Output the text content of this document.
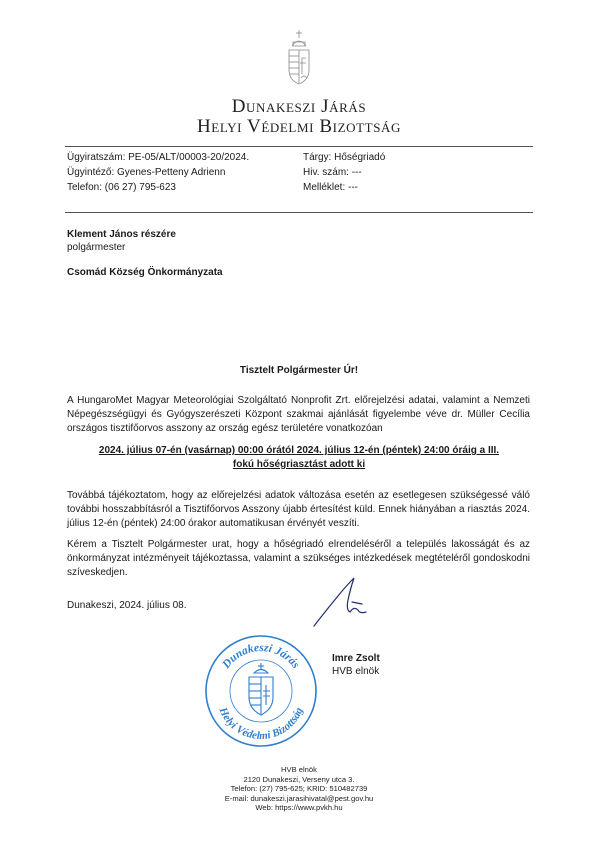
Dunakeszi Járás
Helyi Védelmi Bizottság
Ügyiratszám: PE-05/ALT/00003-20/2024.
Ügyintéző: Gyenes-Petteny Adrienn
Telefon: (06 27) 795-623
Tárgy: Hőségriadó
Hiv. szám: ---
Melléklet: ---
Klement János részére
polgármester
Csomád Község Önkormányzata
Tisztelt Polgármester Úr!
A HungaroMet Magyar Meteorológiai Szolgáltató Nonprofit Zrt. előrejelzési adatai, valamint a Nemzeti Népegészségügyi és Gyógyszerészeti Központ szakmai ajánlását figyelembe véve dr. Müller Cecília országos tisztifőorvos asszony az ország egész területére vonatkozóan
2024. július 07-én (vasárnap) 00:00 órától 2024. július 12-én (péntek) 24:00 óráig a III. fokú hőségriasztást adott ki
Továbbá tájékoztatom, hogy az előrejelzési adatok változása esetén az esetlegesen szükségessé váló további hosszabbításról a Tisztifőorvos Asszony újabb értesítést küld. Ennek hiányában a riasztás 2024. július 12-én (péntek) 24:00 órakor automatikusan érvényét veszíti.
Kérem a Tisztelt Polgármester urat, hogy a hőségriadó elrendeléséről a település lakosságát és az önkormányzat intézményeit tájékoztassa, valamint a szükséges intézkedések megtételéről gondoskodni szíveskedjen.
Dunakeszi, 2024. július 08.
Dunakeszi Járás
Helyi Védelmi Bizottság
Imre Zsolt
HVB elnök
HVB elnök
2120 Dunakeszi, Verseny utca 3.
Telefon: (27) 795-625; KRID: 510482739
E-mail: dunakeszi.jarasihivatal@pest.gov.hu
Web: https://www.pvkh.hu
